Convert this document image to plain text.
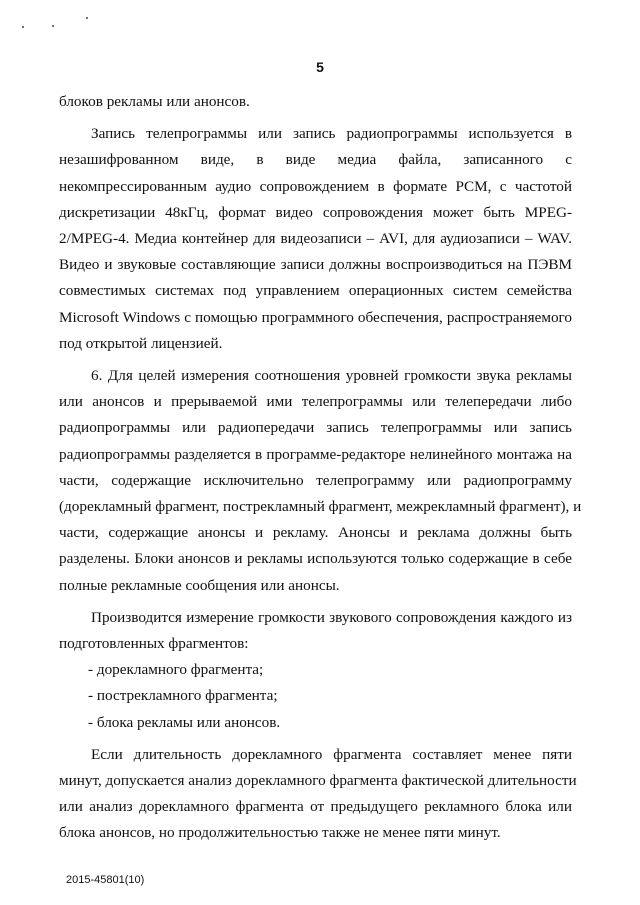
5

блоков рекламы или анонсов.

Запись телепрограммы или запись радиопрограммы используется в
незашифрованном виде, в виде медиа файла, записанного с
некомпрессированным аудио сопровождением в формате PCM, с частотой
дискретизации 48кГц, формат видео сопровождения может быть MPEG-
2/MPEG-4. Медиа контейнер для видеозаписи – AVI, для аудиозаписи – WAV.
Видео и звуковые составляющие записи должны воспроизводиться на ПЭВМ
совместимых системах под управлением операционных систем семейства
Microsoft Windows с помощью программного обеспечения, распространяемого
под открытой лицензией.

6. Для целей измерения соотношения уровней громкости звука рекламы
или анонсов и прерываемой ими телепрограммы или телепередачи либо
радиопрограммы или радиопередачи запись телепрограммы или запись
радиопрограммы разделяется в программе-редакторе нелинейного монтажа на
части, содержащие исключительно телепрограмму или радиопрограмму
(дорекламный фрагмент, пострекламный фрагмент, межрекламный фрагмент), и
части, содержащие анонсы и рекламу. Анонсы и реклама должны быть
разделены. Блоки анонсов и рекламы используются только содержащие в себе
полные рекламные сообщения или анонсы.

Производится измерение громкости звукового сопровождения каждого из
подготовленных фрагментов:

- дорекламного фрагмента;

- пострекламного фрагмента;

- блока рекламы или анонсов.

Если длительность дорекламного фрагмента составляет менее пяти
минут, допускается анализ дорекламного фрагмента фактической длительности
или анализ дорекламного фрагмента от предыдущего рекламного блока или
блока анонсов, но продолжительностью также не менее пяти минут.

2015-45801(10)
